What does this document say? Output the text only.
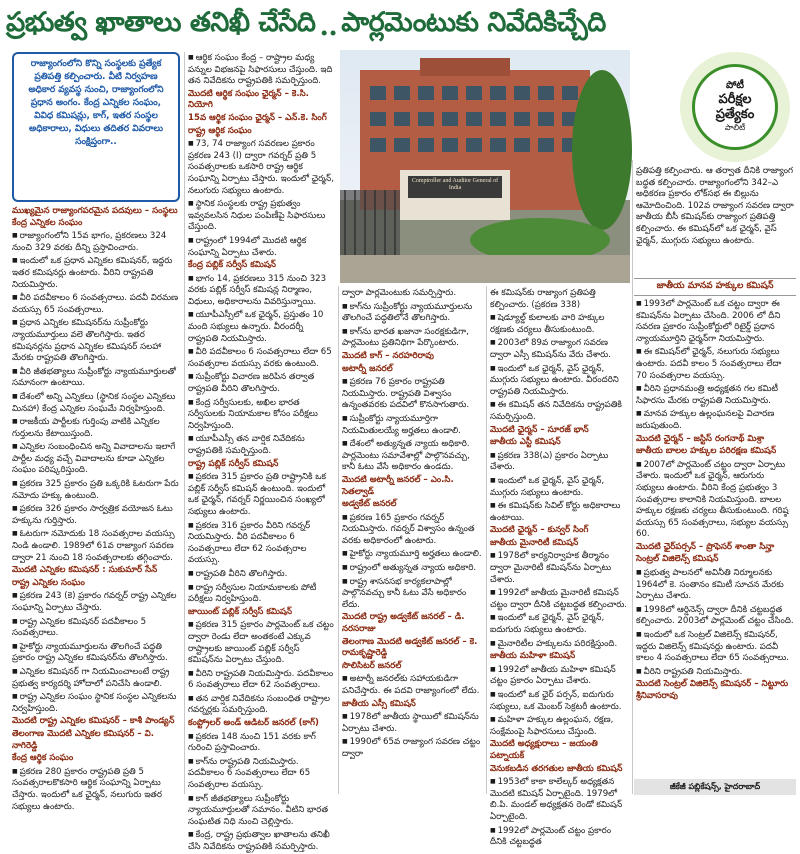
ప్రభుత్వ ఖాతాలు తనిఖీ చేసేది .. పార్లమెంటుకు నివేదికిచ్చేది
రాజ్యాంగంలోని కొన్ని సంస్థలకు ప్రత్యేక ప్రతిపత్తి కల్పించారు. వీటి నిర్వహణ అధికార వ్యవస్థ నుంచి, రాజ్యాంగంలోని ప్రధాన అంగం. కేంద్ర ఎన్నికల సంఘం, వివిధ కమిషన్లు, కాగ్, ఇతర సంస్థల అధికారాలు, విధులు తదితర వివరాలు సంక్షిప్తంగా..

ముఖ్యమైన రాజ్యాంగపరమైన పదవులు – సంస్థలు కేంద్ర ఎన్నికల సంఘం

■ రాజ్యాంగంలోని 15వ భాగం, ప్రకరణలు 324 నుంచి 329 వరకు దీన్ని ప్రస్తావించారు.

■ ఇందులో ఒక ప్రధాన ఎన్నికల కమిషనర్, ఇద్దరు ఇతర కమిషనర్లు ఉంటారు. వీరిని రాష్ట్రపతి నియమిస్తారు.

■ వీరి పదవీకాలం 6 సంవత్సరాలు. పదవీ విరమణ వయస్సు 65 సంవత్సరాలు.

■ ప్రధాన ఎన్నికల కమిషనర్‌ను సుప్రీంకోర్టు న్యాయమూర్తులు వలె తొలగిస్తారు. ఇతర కమిషనర్లను ప్రధాన ఎన్నికల కమిషనర్ సలహా మేరకు రాష్ట్రపతి తొలగిస్తారు.

■ వీరి జీతభత్యాలు సుప్రీంకోర్టు న్యాయమూర్తులతో సమానంగా ఉంటాయి.

■ దేశంలో అన్ని ఎన్నికలు (స్థానిక సంస్థల ఎన్నికలు మినహా) కేంద్ర ఎన్నికల సంఘమే నిర్వహిస్తుంది.

■ రాజకీయ పార్టీలకు గుర్తింపు వాటికి ఎన్నికల గుర్తులను కేటాయిస్తుంది.

■ ఎన్నికల సంబంధించిన అన్ని వివాదాలను ఇలాగే పార్టీల మధ్య వచ్చే వివాదాలను కూడా ఎన్నికల సంఘం పరిష్కరిస్తుంది.

■ ప్రకరణ 325 ప్రకారం ప్రతి ఒక్కరికి ఓటరుగా పేరు నమోదు హక్కు ఉంటుంది.

■ ప్రకరణ 326 ప్రకారం సార్వత్రిక వయోజన ఓటు హక్కును గుర్తిస్తారు.

■ ఓటరుగా నమోదుకు 18 సంవత్సరాల వయస్సు నిండి ఉండాలి. 1989లో 61వ రాజ్యాంగ సవరణ ద్వారా 21 నుంచి 18 సంవత్సరాలకు తగ్గించారు.

మొదటి ఎన్నికల కమిషనర్ : సుకుమార్ సేన్

రాష్ట్ర ఎన్నికల సంఘం

■ ప్రకరణ 243 (కె) ప్రకారం గవర్నర్ రాష్ట్ర ఎన్నికల సంఘాన్ని ఏర్పాటు చేస్తారు.

■ రాష్ట్ర ఎన్నికల కమిషనర్ పదవీకాలం 5 సంవత్సరాలు.

■ హైకోర్టు న్యాయమూర్తులను తొలగించే పద్ధతి ప్రకారం రాష్ట్ర ఎన్నికల కమిషనర్‌ను తొలగిస్తారు.

■ ఎన్నికల కమిషనర్‌ గా నియమించాలంటే రాష్ట్ర ప్రభుత్వ కార్యదర్శి హోదాలో పనిచేసి ఉండాలి.

■ రాష్ట్ర ఎన్నికల సంఘం స్థానిక సంస్థల ఎన్నికలను నిర్వహిస్తుంది.

మొదటి రాష్ట్ర ఎన్నికల కమిషనర్ – కాశీ పాండ్యన్

తెలంగాణ మొదటి ఎన్నికల కమిషనర్ – వి. నాగిరెడ్డి

కేంద్ర ఆర్థిక సంఘం

■ ప్రకరణ 280 ప్రకారం రాష్ట్రపతి ప్రతి 5 సంవత్సరాలకొకసారి ఆర్థిక సంఘాన్ని ఏర్పాటు చేస్తారు. ఇందులో ఒక ఛైర్మన్, నలుగురు ఇతర సభ్యులు ఉంటారు.

■ ఆర్థిక సంఘం కేంద్ర – రాష్ట్రాల మధ్య పన్నుల విభజనపై సిఫారసులు చేస్తుంది. ఇది తన నివేదికను రాష్ట్రపతికి సమర్పిస్తుంది.

మొదటి ఆర్థిక సంఘం ఛైర్మన్ – కె.సి. నియోగి

15వ ఆర్థిక సంఘం ఛైర్మన్ – ఎన్.కె. సింగ్

రాష్ట్ర ఆర్థిక సంఘం

■ 73, 74 రాజ్యాంగ సవరణల ప్రకారం ప్రకరణ 243 (I) ద్వారా గవర్నర్ ప్రతి 5 సంవత్సరాలకు ఒకసారి రాష్ట్ర ఆర్థిక సంఘాన్ని ఏర్పాటు చేస్తారు. ఇందులో ఛైర్మన్, నలుగురు సభ్యులు ఉంటారు.

■ స్థానిక సంస్థలకు రాష్ట్ర ప్రభుత్వం ఇవ్వవలసిన నిధుల పంపిణీపై సిఫారసులు చేస్తుంది.

■ రాష్ట్రంలో 1994లో మొదటి ఆర్థిక సంఘాన్ని ఏర్పాటు చేశారు.

కేంద్ర పబ్లిక్ సర్వీస్ కమిషన్

■ భాగం 14, ప్రకరణలు 315 నుంచి 323 వరకు పబ్లిక్ సర్వీస్ కమిషన్ల నిర్మాణం, విధులు, అధికారాలను వివరిస్తున్నాయి.

■ యూపీఎస్సీలో ఒక ఛైర్మన్, ప్రస్తుతం 10 మంది సభ్యులు ఉన్నారు. వీరందర్నీ రాష్ట్రపతి నియమిస్తారు.

■ వీరి పదవీకాలం 6 సంవత్సరాలు లేదా 65 సంవత్సరాల వయస్సు వరకు ఉంటుంది.

■ సుప్రీంకోర్టు విచారణ జరిపిన తర్వాత రాష్ట్రపతి వీరిని తొలగిస్తారు.

■ కేంద్ర సర్వీసులకు, అఖిల భారత సర్వీసులకు నియామకాల కోసం పరీక్షలు నిర్వహిస్తుంది.

■ యూపీఎస్సీ తన వార్షిక నివేదికను రాష్ట్రపతికి సమర్పిస్తుంది.

రాష్ట్ర పబ్లిక్ సర్వీస్ కమిషన్

■ ప్రకరణ 315 ప్రకారం ప్రతి రాష్ట్రానికి ఒక పబ్లిక్ సర్వీస్ కమిషన్ ఉంటుంది. ఇందులో ఒక ఛైర్మన్, గవర్నర్ నిర్ణయించిన సంఖ్యలో సభ్యులు ఉంటారు.

■ ప్రకరణ 316 ప్రకారం వీరిని గవర్నర్ నియమిస్తారు. వీరి పదవీకాలం 6 సంవత్సరాలు లేదా 62 సంవత్సరాల వయస్సు.

■ రాష్ట్రపతి వీరిని తొలగిస్తారు.

■ రాష్ట్ర సర్వీసుల నియామకాలకు పోటీ పరీక్షలు నిర్వహిస్తుంది.

జాయింట్ పబ్లిక్ సర్వీస్ కమిషన్

■ ప్రకరణ 315 ప్రకారం పార్లమెంట్ ఒక చట్టం ద్వారా రెండు లేదా అంతకంటే ఎక్కువ రాష్ట్రాలకు జాయింట్ పబ్లిక్ సర్వీస్ కమిషన్‌ను ఏర్పాటు చేస్తుంది.

■ వీరిని రాష్ట్రపతి నియమిస్తారు. పదవీకాలం 6 సంవత్సరాలు లేదా 62 సంవత్సరాలు.

■ తన వార్షిక నివేదికను సంబంధిత రాష్ట్రాల గవర్నర్లకు సమర్పిస్తుంది.

కంప్ట్రోలర్ అండ్ ఆడిటర్ జనరల్ (కాగ్)

■ ప్రకరణ 148 నుంచి 151 వరకు కాగ్ గురించి ప్రస్తావించారు.

■ కాగ్‌ను రాష్ట్రపతి నియమిస్తారు. పదవీకాలం 6 సంవత్సరాలు లేదా 65 సంవత్సరాల వయస్సు.

■ కాగ్ జీతభత్యాలు సుప్రీంకోర్టు న్యాయమూర్తులతో సమానం. వీటిని భారత సంఘటిత నిధి నుంచి చెల్లిస్తారు.

■ కేంద్ర, రాష్ట్ర ప్రభుత్వాల ఖాతాలను తనిఖీ చేసి నివేదికను రాష్ట్రపతికి సమర్పిస్తారు.

Comptroller and Auditor General of India

ద్వారా పార్లమెంటుకు సమర్పిస్తారు.

■ కాగ్‌ను సుప్రీంకోర్టు న్యాయమూర్తులను తొలగించే పద్ధతిలోనే తొలగిస్తారు.

■ కాగ్‌ను భారత ఖజానా సంరక్షకుడిగా, పార్లమెంటు ప్రతినిధిగా పేర్కొంటారు.

మొదటి కాగ్ – నరహరిరావు

అటార్నీ జనరల్

■ ప్రకరణ 76 ప్రకారం రాష్ట్రపతి నియమిస్తారు. రాష్ట్రపతి విశ్వాసం ఉన్నంతవరకు పదవిలో కొనసాగుతారు.

■ సుప్రీంకోర్టు న్యాయమూర్తిగా నియమితులయ్యే అర్హతలు ఉండాలి.

■ దేశంలో అత్యున్నత న్యాయ అధికారి. పార్లమెంటు సమావేశాల్లో పాల్గొనవచ్చు, కానీ ఓటు వేసే అధికారం ఉండదు.

మొదటి అటార్నీ జనరల్ – ఎం.సి. సెతల్వాడ్

అడ్వకేట్ జనరల్

■ ప్రకరణ 165 ప్రకారం గవర్నర్ నియమిస్తారు. గవర్నర్ విశ్వాసం ఉన్నంత వరకు అధికారంలో ఉంటారు.

■ హైకోర్టు న్యాయమూర్తి అర్హతలు ఉండాలి.

■ రాష్ట్రంలో అత్యున్నత న్యాయ అధికారి.

■ రాష్ట్ర శాసనసభ కార్యకలాపాల్లో పాల్గొనవచ్చు కానీ ఓటు వేసే అధికారం లేదు.

మొదటి రాష్ట్ర అడ్వకేట్ జనరల్ – డి. నరసరాజు

తెలంగాణ మొదటి అడ్వకేట్ జనరల్ – కె. రామకృష్ణారెడ్డి

సొలిసిటర్ జనరల్

■ అటార్నీ జనరల్‌కు సహాయకుడిగా పనిచేస్తారు. ఈ పదవి రాజ్యాంగంలో లేదు.

జాతీయ ఎస్సీ కమిషన్

■ 1978లో జాతీయ స్థాయిలో కమిషన్‌ను ఏర్పాటు చేశారు.

■ 1990లో 65వ రాజ్యాంగ సవరణ చట్టం ద్వారా

ఈ కమిషన్‌కు రాజ్యాంగ ప్రతిపత్తి కల్పించారు. (ప్రకరణ 338)

■ షెడ్యూల్డ్ కులాలకు వారి హక్కుల రక్షణకు చర్యలు తీసుకుంటుంది.

■ 2003లో 89వ రాజ్యాంగ సవరణ ద్వారా ఎస్సీ కమిషన్‌ను వేరు చేశారు.

■ ఇందులో ఒక ఛైర్మన్, వైస్ ఛైర్మన్, ముగ్గురు సభ్యులు ఉంటారు. వీరందరిని రాష్ట్రపతి నియమిస్తారు.

■ ఈ కమిషన్ తన నివేదికను రాష్ట్రపతికి సమర్పిస్తుంది.

మొదటి ఛైర్మన్ – సూరజ్ భాన్

జాతీయ ఎస్టీ కమిషన్

■ ప్రకరణ 338(ఎ) ప్రకారం ఏర్పాటు చేశారు.

■ ఇందులో ఒక ఛైర్మన్, వైస్ ఛైర్మన్, ముగ్గురు సభ్యులు ఉంటారు.

■ ఈ కమిషన్‌కు సివిల్ కోర్టు అధికారాలు ఉంటాయి.

మొదటి ఛైర్మన్ – కున్వర్ సింగ్

జాతీయ మైనారిటీ కమిషన్

■ 1978లో కార్యనిర్వాహక తీర్మానం ద్వారా మైనారిటీ కమిషన్‌ను ఏర్పాటు చేశారు.

■ 1992లో జాతీయ మైనారిటీ కమిషన్ చట్టం ద్వారా దీనికి చట్టబద్ధత కల్పించారు.

■ ఇందులో ఒక ఛైర్మన్, వైస్ ఛైర్మన్, ఐదుగురు సభ్యులు ఉంటారు.

■ మైనారిటీల హక్కులను పరిరక్షిస్తుంది.

జాతీయ మహిళా కమిషన్

■ 1992లో జాతీయ మహిళా కమిషన్ చట్టం ప్రకారం ఏర్పాటు చేశారు.

■ ఇందులో ఒక ఛైర్ పర్సన్, ఐదుగురు సభ్యులు, ఒక మెంబర్ సెక్రటరీ ఉంటారు.

■ మహిళా హక్కుల ఉల్లంఘన, రక్షణ, సంక్షేమంపై సిఫారసులు చేస్తుంది.

మొదటి అధ్యక్షురాలు – జయంతి పట్నాయక్

వెనుకబడిన తరగతుల జాతీయ కమిషన్

■ 1953లో కాకా కాలేల్కర్ అధ్యక్షతన మొదటి కమిషన్ ఏర్పాటైంది. 1979లో బి.పి. మండల్ అధ్యక్షతన రెండో కమిషన్ ఏర్పాటైంది.

■ 1992లో పార్లమెంట్ చట్టం ప్రకారం దీనికి చట్టబద్ధత

పోటీ
పరీక్షల
ప్రత్యేకం
పాలిటీ

ప్రతిపత్తి కల్పించారు. ఆ తర్వాత దీనికి రాజ్యాంగ బద్ధత కల్పించారు. రాజ్యాంగంలోని 342–ఎ అధికరణ ప్రకారం లోక్‌సభ ఈ బిల్లును ఆమోదించింది. 102వ రాజ్యాంగ సవరణ ద్వారా జాతీయ బీసీ కమిషన్‌కు రాజ్యాంగ ప్రతిపత్తి కల్పించారు. ఈ కమిషన్‌లో ఒక ఛైర్మన్, వైస్ ఛైర్మన్, ముగ్గురు సభ్యులు ఉంటారు.

జాతీయ మానవ హక్కుల కమిషన్

■ 1993లో పార్లమెంట్ ఒక చట్టం ద్వారా ఈ కమిషన్‌ను ఏర్పాటు చేసింది. 2006 లో దీని సవరణ ప్రకారం సుప్రీంకోర్టులో రిటైర్డ్ ప్రధాన న్యాయమూర్తిని ఛైర్మన్‌గా నియమిస్తారు.

■ ఈ కమిషన్‌లో ఛైర్మన్, నలుగురు సభ్యులు ఉంటారు. పదవీ కాలం 5 సంవత్సరాలు లేదా 70 సంవత్సరాల వయస్సు.

■ వీరిని ప్రధానమంత్రి అధ్యక్షతన గల కమిటీ సిఫారసు మేరకు రాష్ట్రపతి నియమిస్తారు.

■ మానవ హక్కుల ఉల్లంఘనలపై విచారణ జరుపుతుంది.

మొదటి ఛైర్మన్ – జస్టిస్ రంగనాథ్ మిశ్రా

జాతీయ బాలల హక్కుల పరిరక్షణ కమిషన్

■ 2007లో పార్లమెంట్ చట్టం ద్వారా ఏర్పాటు చేశారు. ఇందులో ఒక ఛైర్మన్, ఆరుగురు సభ్యులు ఉంటారు. వీరిని కేంద్ర ప్రభుత్వం 3 సంవత్సరాల కాలానికి నియమిస్తుంది. బాలల హక్కుల రక్షణకు చర్యలు తీసుకుంటుంది. గరిష్ఠ వయస్సు 65 సంవత్సరాలు, సభ్యుల వయస్సు 60.

మొదటి ఛైర్‌పర్సన్ – ప్రొఫెసర్ శాంతా సిన్హా

సెంట్రల్ విజిలెన్స్ కమిషన్

■ ప్రభుత్వ పాలనలో అవినీతి నిర్మూలనకు 1964లో కె. సంతానం కమిటీ సూచన మేరకు ఏర్పాటు చేశారు.

■ 1998లో ఆర్డినెన్స్ ద్వారా దీనికి చట్టబద్ధత కల్పించారు. 2003లో పార్లమెంట్ చట్టం చేసింది.

■ ఇందులో ఒక సెంట్రల్ విజిలెన్స్ కమిషనర్, ఇద్దరు విజిలెన్స్ కమిషనర్లు ఉంటారు. పదవీ కాలం 4 సంవత్సరాలు లేదా 65 సంవత్సరాలు.

■ వీరిని రాష్ట్రపతి నియమిస్తారు.

మొదటి సెంట్రల్ విజిలెన్స్ కమిషనర్ – నిట్టూరు శ్రీనివాసరావు

జీకేజీ పబ్లికేషన్స్, హైదరాబాద్
